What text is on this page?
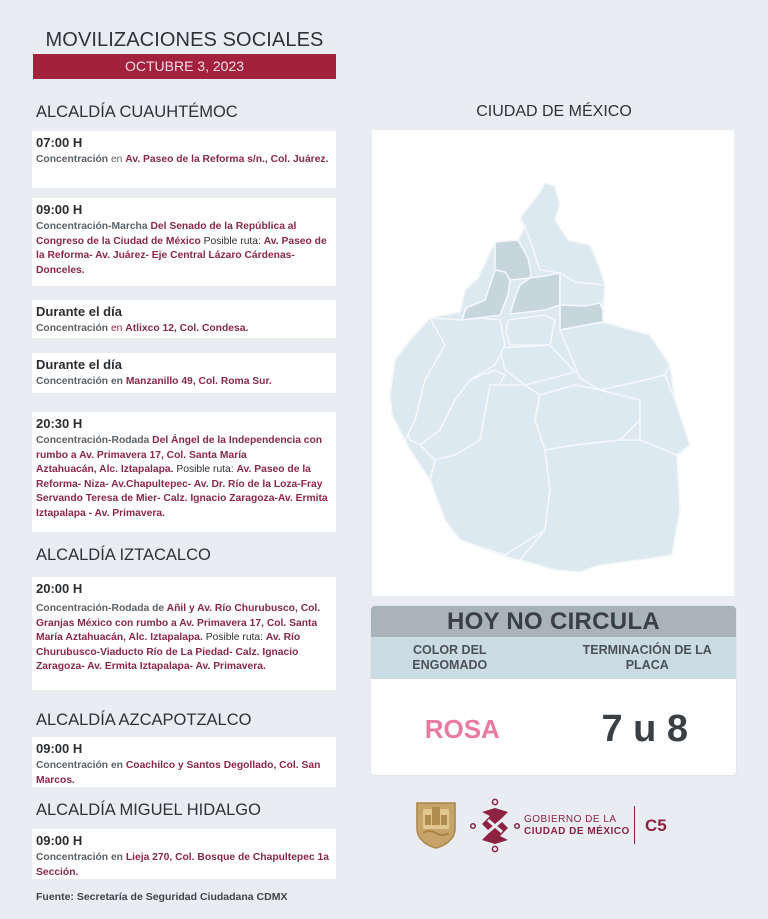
MOVILIZACIONES SOCIALES
OCTUBRE 3, 2023
ALCALDÍA CUAUHTÉMOC
07:00 H
Concentración en Av. Paseo de la Reforma s/n., Col. Juárez.
09:00 H
Concentración-Marcha Del Senado de la República al Congreso de la Ciudad de México Posible ruta: Av. Paseo de la Reforma- Av. Juárez- Eje Central Lázaro Cárdenas-Donceles.
Durante el día
Concentración en Atlixco 12, Col. Condesa.
Durante el día
Concentración en Manzanillo 49, Col. Roma Sur.
20:30 H
Concentración-Rodada Del Ángel de la Independencia con rumbo a Av. Primavera 17, Col. Santa María
Aztahuacán, Alc. Iztapalapa. Posible ruta: Av. Paseo de la Reforma- Niza- Av.Chapultepec- Av. Dr. Río de la Loza-Fray Servando Teresa de Mier- Calz. Ignacio Zaragoza-Av. Ermita Iztapalapa - Av. Primavera.
ALCALDÍA IZTACALCO
20:00 H
Concentración-Rodada de Añil y Av. Río Churubusco, Col. Granjas México con rumbo a Av. Primavera 17, Col. Santa María Aztahuacán, Alc. Iztapalapa. Posible ruta: Av. Río Churubusco-Viaducto Río de La Piedad- Calz. Ignacio Zaragoza- Av. Ermita Iztapalapa- Av. Primavera.
ALCALDÍA AZCAPOTZALCO
09:00 H
Concentración en Coachilco y Santos Degollado, Col. San Marcos.
ALCALDÍA MIGUEL HIDALGO
09:00 H
Concentración en Lieja 270, Col. Bosque de Chapultepec 1a Sección.
Fuente: Secretaría de Seguridad Ciudadana CDMX
CIUDAD DE MÉXICO
HOY NO CIRCULA
COLOR DEL ENGOMADO
TERMINACIÓN DE LA PLACA
ROSA	7 u 8
GOBIERNO DE LA
CIUDAD DE MÉXICO C5
